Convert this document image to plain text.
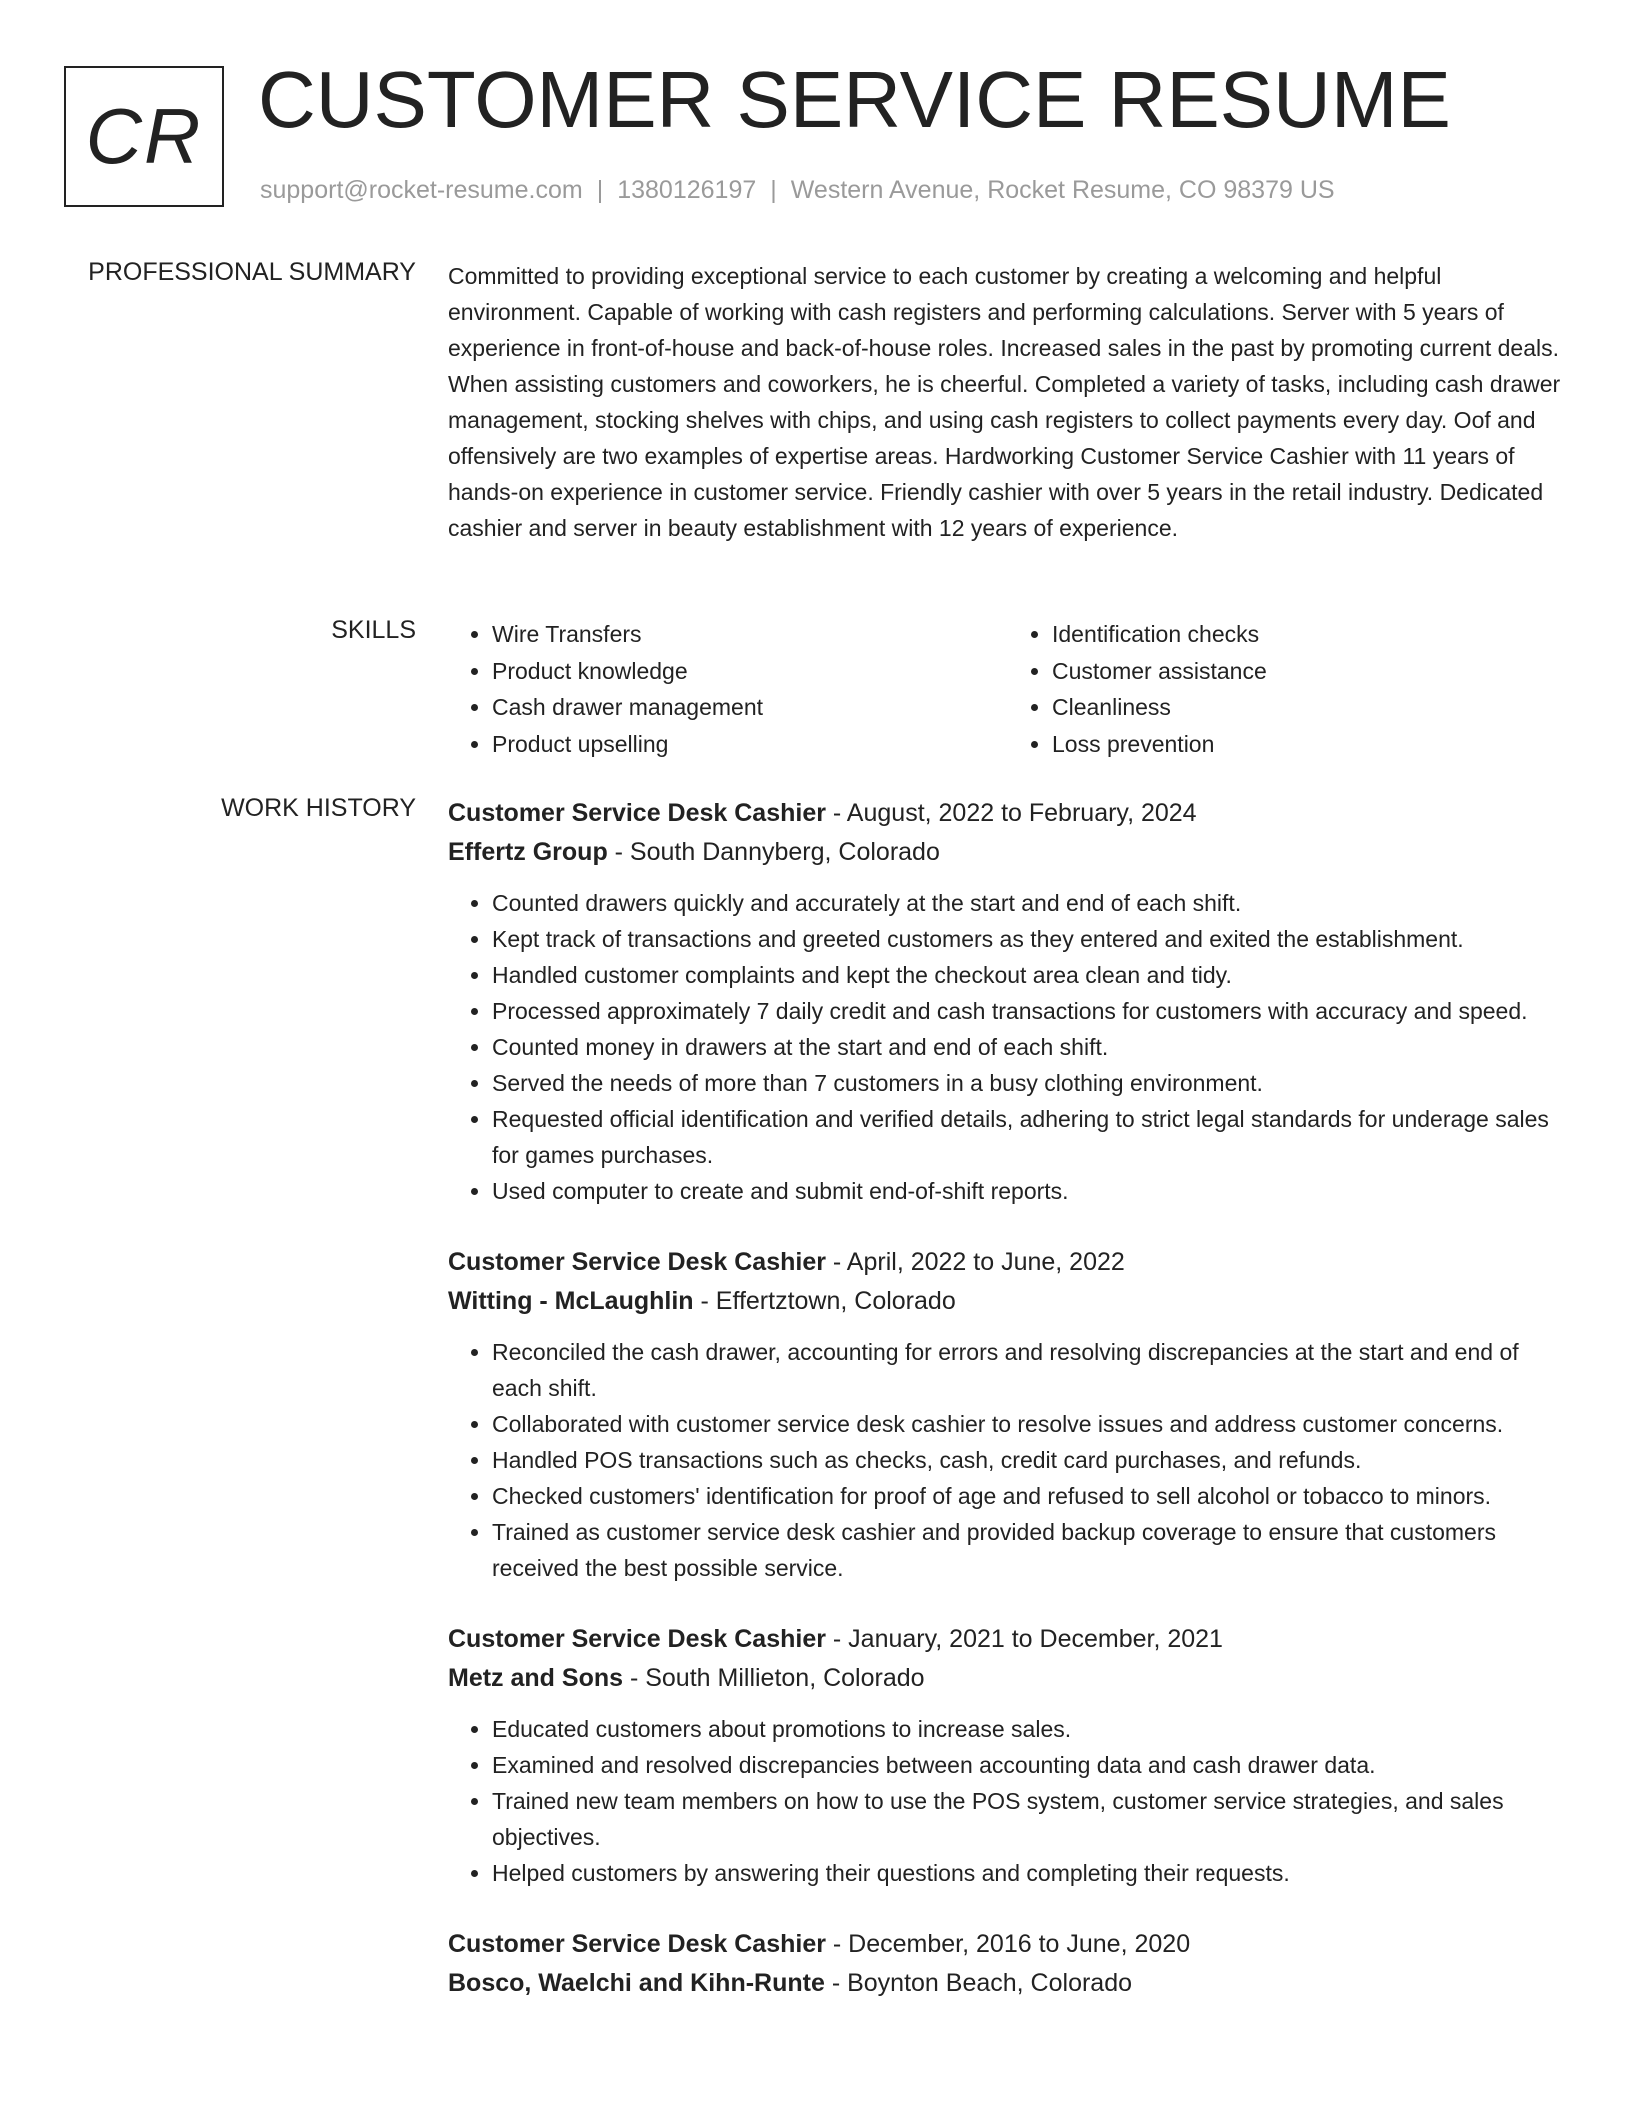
CR CUSTOMER SERVICE RESUME
support@rocket-resume.com | 1380126197 | Western Avenue, Rocket Resume, CO 98379 US
PROFESSIONAL SUMMARY Committed to providing exceptional service to each customer by creating a welcoming and helpful environment. Capable of working with cash registers and performing calculations. Server with 5 years of experience in front-of-house and back-of-house roles. Increased sales in the past by promoting current deals. When assisting customers and coworkers, he is cheerful. Completed a variety of tasks, including cash drawer management, stocking shelves with chips, and using cash registers to collect payments every day. Oof and offensively are two examples of expertise areas. Hardworking Customer Service Cashier with 11 years of hands-on experience in customer service. Friendly cashier with over 5 years in the retail industry. Dedicated cashier and server in beauty establishment with 12 years of experience.

SKILLS
•	Wire Transfers
• Product knowledge
• Cash drawer management
• Product upselling
• Identification checks
• Customer assistance
• Cleanliness
• Loss prevention
WORK HISTORY Customer Service Desk Cashier - August, 2022 to February, 2024
Effertz Group - South Dannyberg, Colorado
• Counted drawers quickly and accurately at the start and end of each shift.
• Kept track of transactions and greeted customers as they entered and exited the establishment.
• Handled customer complaints and kept the checkout area clean and tidy.
• Processed approximately 7 daily credit and cash transactions for customers with accuracy and speed.
• Counted money in drawers at the start and end of each shift.
• Served the needs of more than 7 customers in a busy clothing environment.
• Requested official identification and verified details, adhering to strict legal standards for underage sales for games purchases.
• Used computer to create and submit end-of-shift reports.
Customer Service Desk Cashier - April, 2022 to June, 2022
Witting - McLaughlin - Effertztown, Colorado
• Reconciled the cash drawer, accounting for errors and resolving discrepancies at the start and end of each shift.
• Collaborated with customer service desk cashier to resolve issues and address customer concerns.
• Handled POS transactions such as checks, cash, credit card purchases, and refunds.
• Checked customers' identification for proof of age and refused to sell alcohol or tobacco to minors.
• Trained as customer service desk cashier and provided backup coverage to ensure that customers received the best possible service.
Customer Service Desk Cashier - January, 2021 to December, 2021
Metz and Sons - South Millieton, Colorado
• Educated customers about promotions to increase sales.
• Examined and resolved discrepancies between accounting data and cash drawer data.
• Trained new team members on how to use the POS system, customer service strategies, and sales objectives.
• Helped customers by answering their questions and completing their requests.
Customer Service Desk Cashier - December, 2016 to June, 2020
Bosco, Waelchi and Kihn-Runte - Boynton Beach, Colorado
